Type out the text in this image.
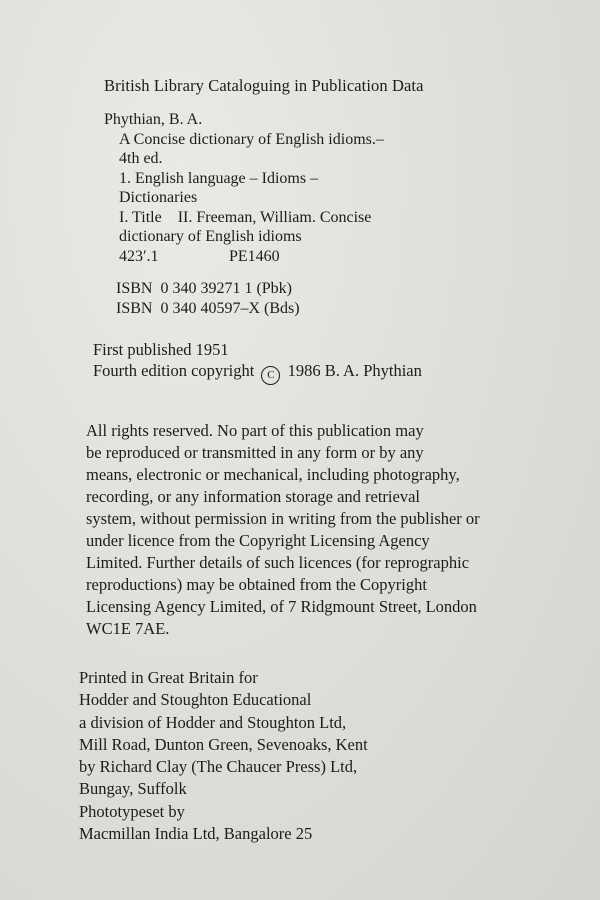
British Library Cataloguing in Publication Data
Phythian, B. A.
A Concise dictionary of English idioms.–
4th ed.
1. English language – Idioms –
Dictionaries
I. Title    II. Freeman, William. Concise
dictionary of English idioms
423′.1	PE1460
ISBN 0 340 39271 1 (Pbk)
ISBN 0 340 40597–X (Bds)
First published 1951
Fourth edition copyright C 1986 B. A. Phythian
All rights reserved. No part of this publication may
be reproduced or transmitted in any form or by any
means, electronic or mechanical, including photography,
recording, or any information storage and retrieval
system, without permission in writing from the publisher or
under licence from the Copyright Licensing Agency
Limited. Further details of such licences (for reprographic
reproductions) may be obtained from the Copyright
Licensing Agency Limited, of 7 Ridgmount Street, London
WC1E 7AE.
Printed in Great Britain for
Hodder and Stoughton Educational
a division of Hodder and Stoughton Ltd,
Mill Road, Dunton Green, Sevenoaks, Kent
by Richard Clay (The Chaucer Press) Ltd,
Bungay, Suffolk
Phototypeset by
Macmillan India Ltd, Bangalore 25
